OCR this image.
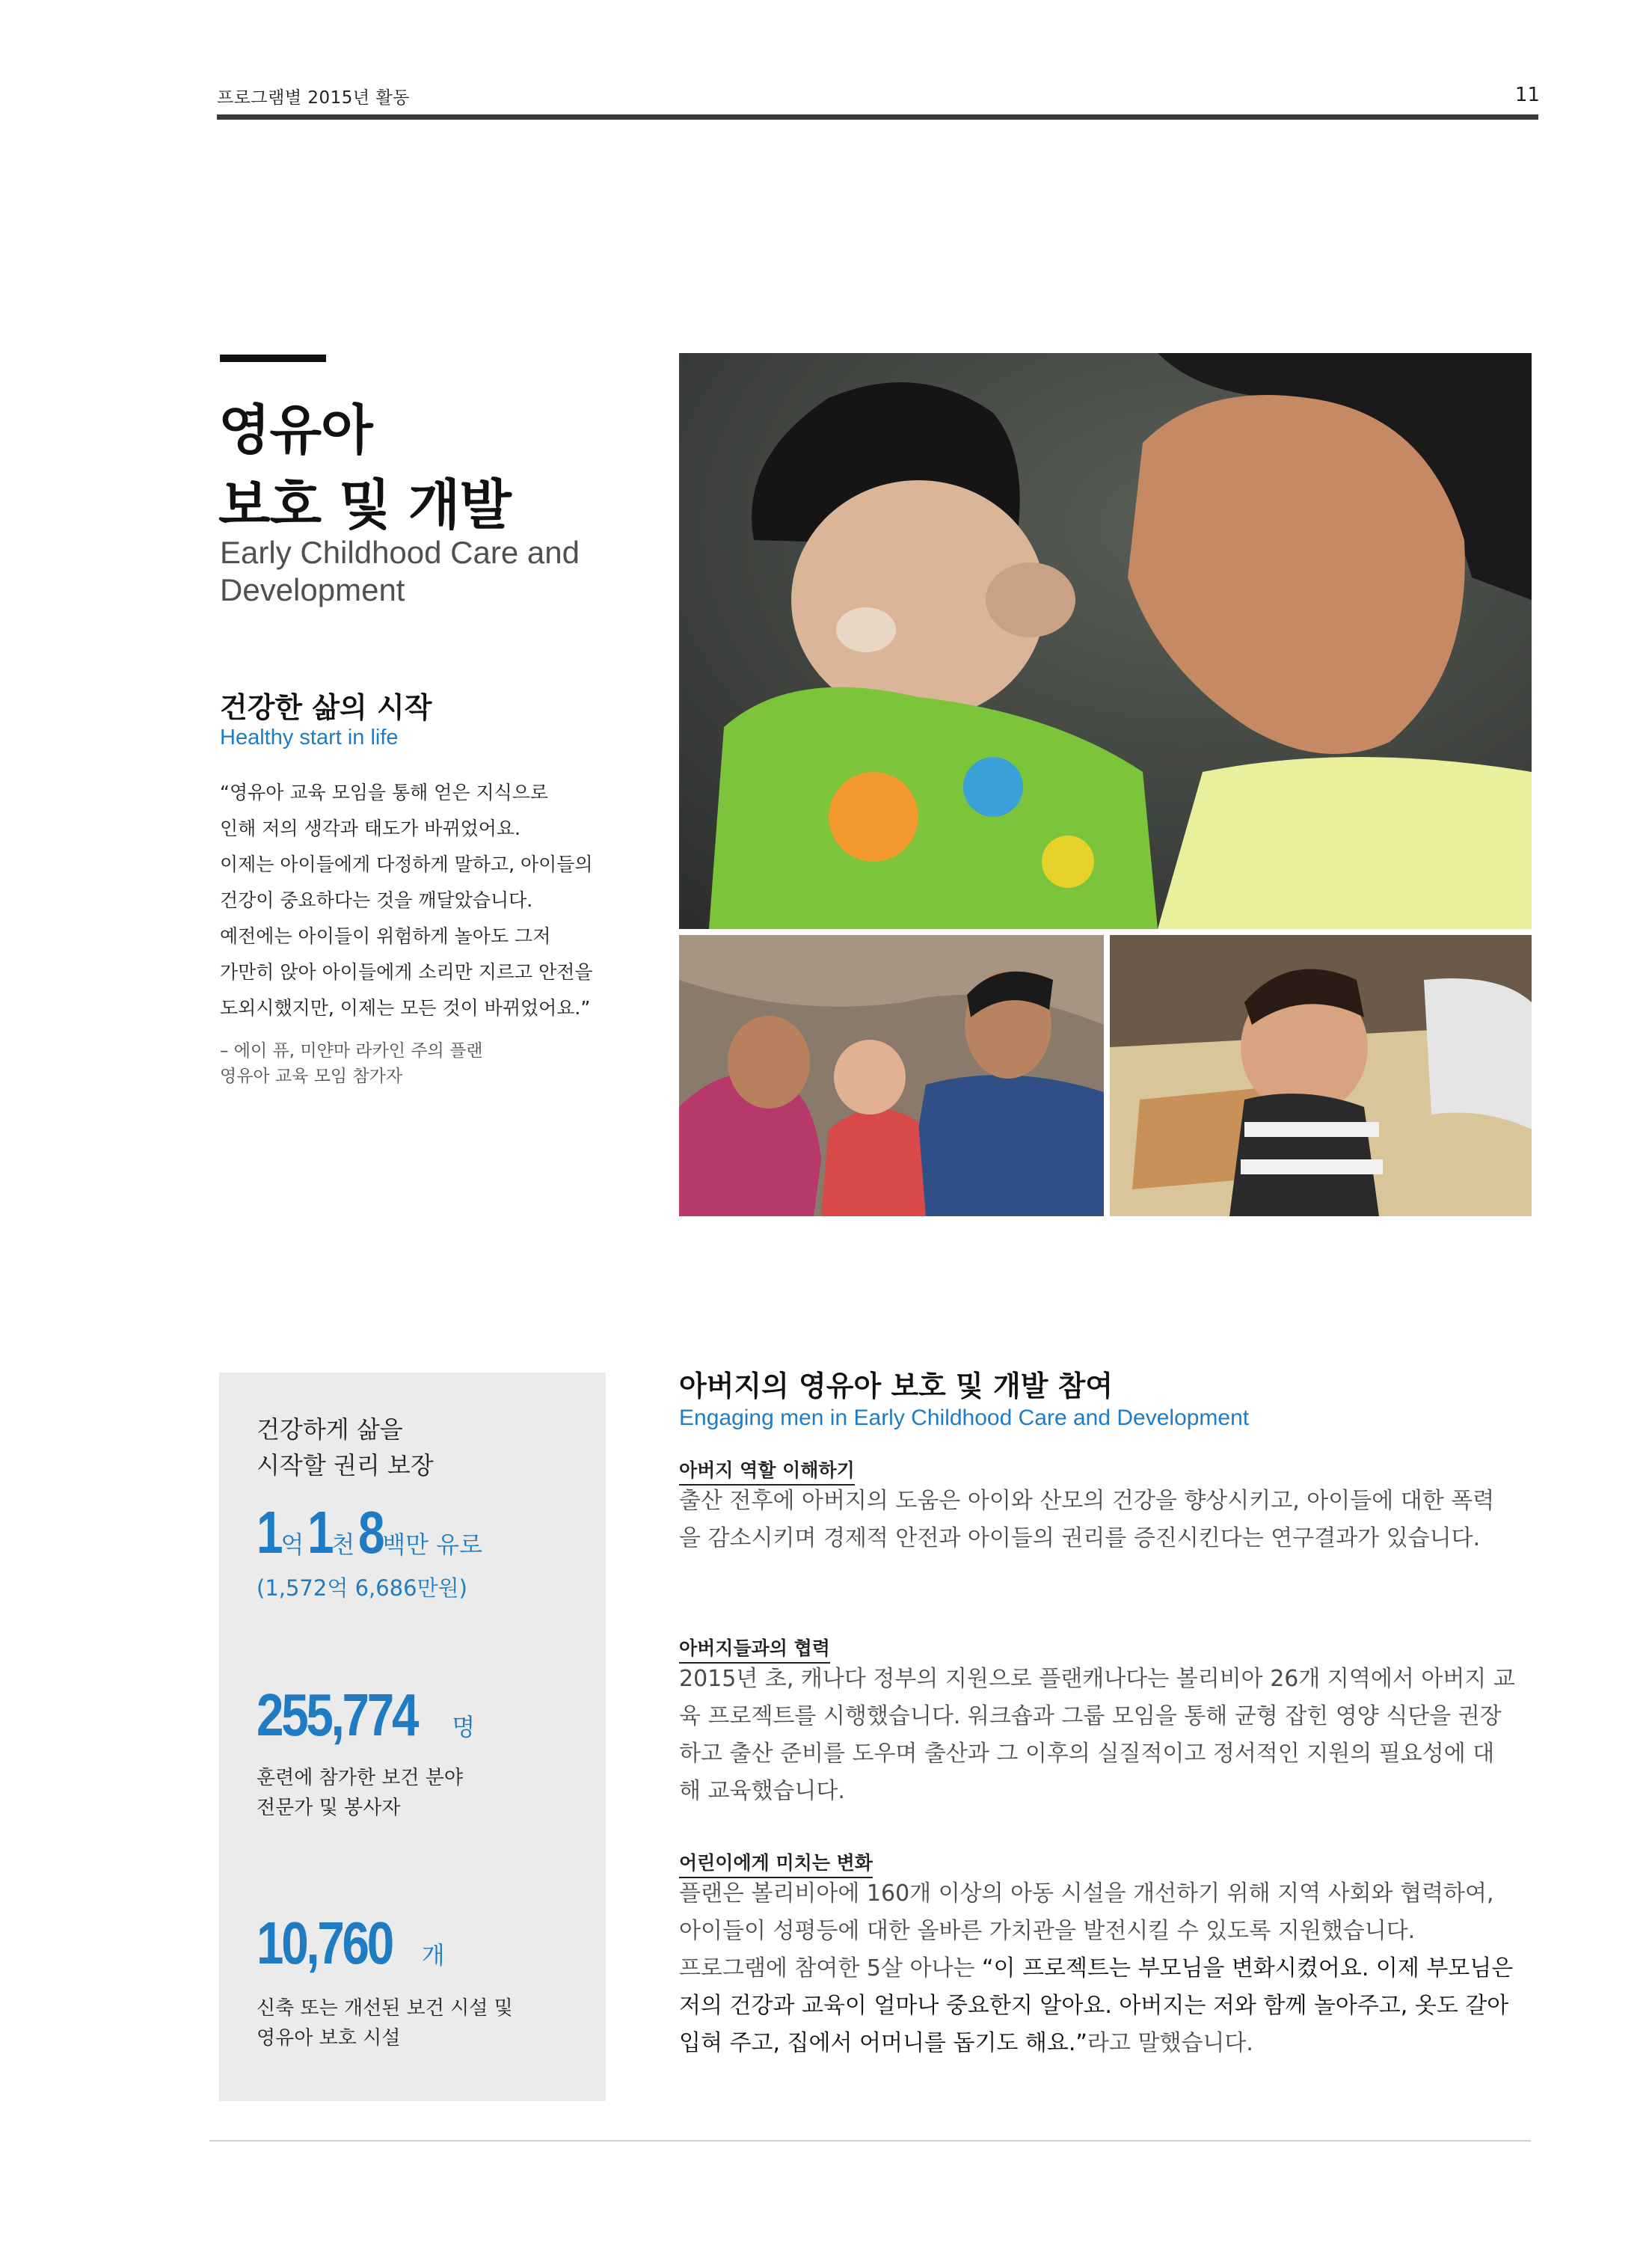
프로그램별 2015년 활동	11
영유아
보호 및 개발
Early Childhood Care and
Development
건강한 삶의 시작
Healthy start in life
“영유아 교육 모임을 통해 얻은 지식으로
인해 저의 생각과 태도가 바뀌었어요.
이제는 아이들에게 다정하게 말하고, 아이들의
건강이 중요하다는 것을 깨달았습니다.
예전에는 아이들이 위험하게 놀아도 그저
가만히 앉아 아이들에게 소리만 지르고 안전을
도외시했지만, 이제는 모든 것이 바뀌었어요.”
– 에이 퓨, 미얀마 라카인 주의 플랜
영유아 교육 모임 참가자
건강하게 삶을
시작할 권리 보장
1억 1천 8백만 유로
(1,572억 6,686만원)
255,774 명
훈련에 참가한 보건 분야
전문가 및 봉사자
10,760 개
신축 또는 개선된 보건 시설 및
영유아 보호 시설
아버지의 영유아 보호 및 개발 참여
Engaging men in Early Childhood Care and Development
아버지 역할 이해하기
출산 전후에 아버지의 도움은 아이와 산모의 건강을 향상시키고, 아이들에 대한 폭력
을 감소시키며 경제적 안전과 아이들의 권리를 증진시킨다는 연구결과가 있습니다.
아버지들과의 협력
2015년 초, 캐나다 정부의 지원으로 플랜캐나다는 볼리비아 26개 지역에서 아버지 교
육 프로젝트를 시행했습니다. 워크숍과 그룹 모임을 통해 균형 잡힌 영양 식단을 권장
하고 출산 준비를 도우며 출산과 그 이후의 실질적이고 정서적인 지원의 필요성에 대
해 교육했습니다.
어린이에게 미치는 변화
플랜은 볼리비아에 160개 이상의 아동 시설을 개선하기 위해 지역 사회와 협력하여,
아이들이 성평등에 대한 올바른 가치관을 발전시킬 수 있도록 지원했습니다.
프로그램에 참여한 5살 아나는 “이 프로젝트는 부모님을 변화시켰어요. 이제 부모님은
저의 건강과 교육이 얼마나 중요한지 알아요. 아버지는 저와 함께 놀아주고, 옷도 갈아
입혀 주고, 집에서 어머니를 돕기도 해요.”라고 말했습니다.
